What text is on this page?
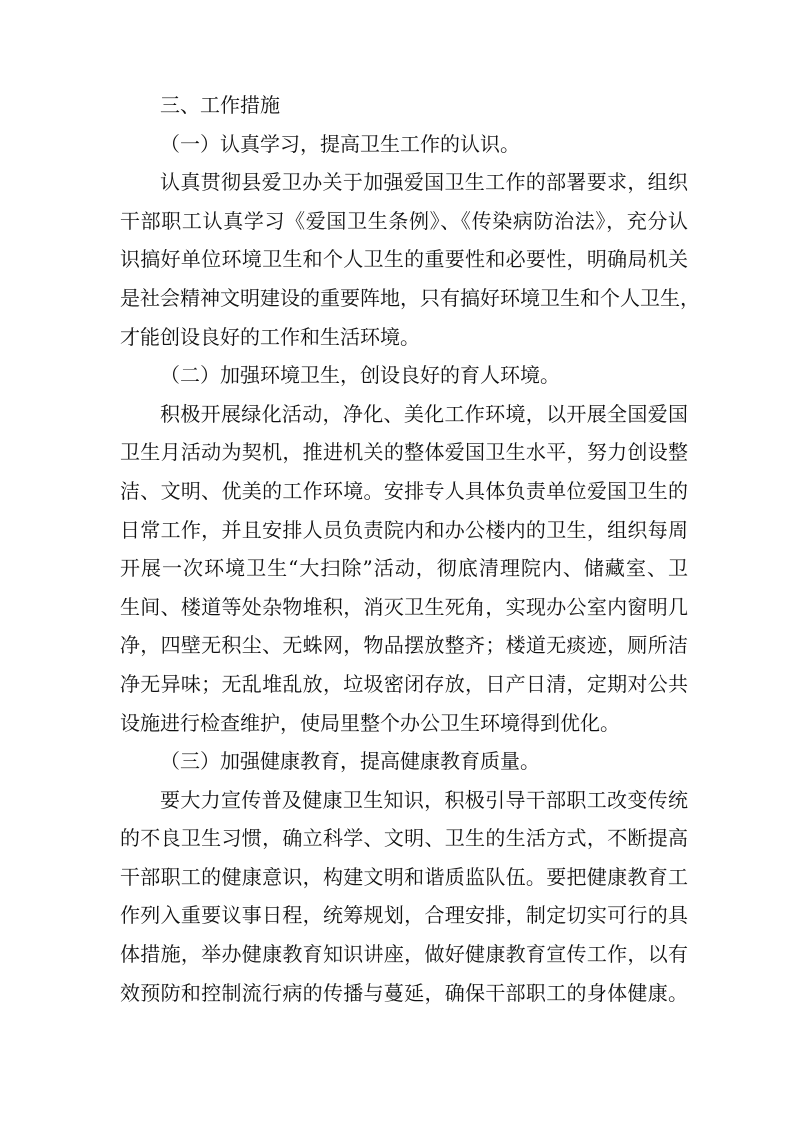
三、工作措施
（一）认真学习，提高卫生工作的认识。
认真贯彻县爱卫办关于加强爱国卫生工作的部署要求，组织
干部职工认真学习《爱国卫生条例》、《传染病防治法》，充分认
识搞好单位环境卫生和个人卫生的重要性和必要性，明确局机关
是社会精神文明建设的重要阵地，只有搞好环境卫生和个人卫生，
才能创设良好的工作和生活环境。
（二）加强环境卫生，创设良好的育人环境。
积极开展绿化活动，净化、美化工作环境，以开展全国爱国
卫生月活动为契机，推进机关的整体爱国卫生水平，努力创设整
洁、文明、优美的工作环境。安排专人具体负责单位爱国卫生的
日常工作，并且安排人员负责院内和办公楼内的卫生，组织每周
开展一次环境卫生“大扫除”活动，彻底清理院内、储藏室、卫
生间、楼道等处杂物堆积，消灭卫生死角，实现办公室内窗明几
净，四壁无积尘、无蛛网，物品摆放整齐；楼道无痰迹，厕所洁
净无异味；无乱堆乱放，垃圾密闭存放，日产日清，定期对公共
设施进行检查维护，使局里整个办公卫生环境得到优化。
（三）加强健康教育，提高健康教育质量。
要大力宣传普及健康卫生知识，积极引导干部职工改变传统
的不良卫生习惯，确立科学、文明、卫生的生活方式，不断提高
干部职工的健康意识，构建文明和谐质监队伍。要把健康教育工
作列入重要议事日程，统筹规划，合理安排，制定切实可行的具
体措施，举办健康教育知识讲座，做好健康教育宣传工作，以有
效预防和控制流行病的传播与蔓延，确保干部职工的身体健康。
